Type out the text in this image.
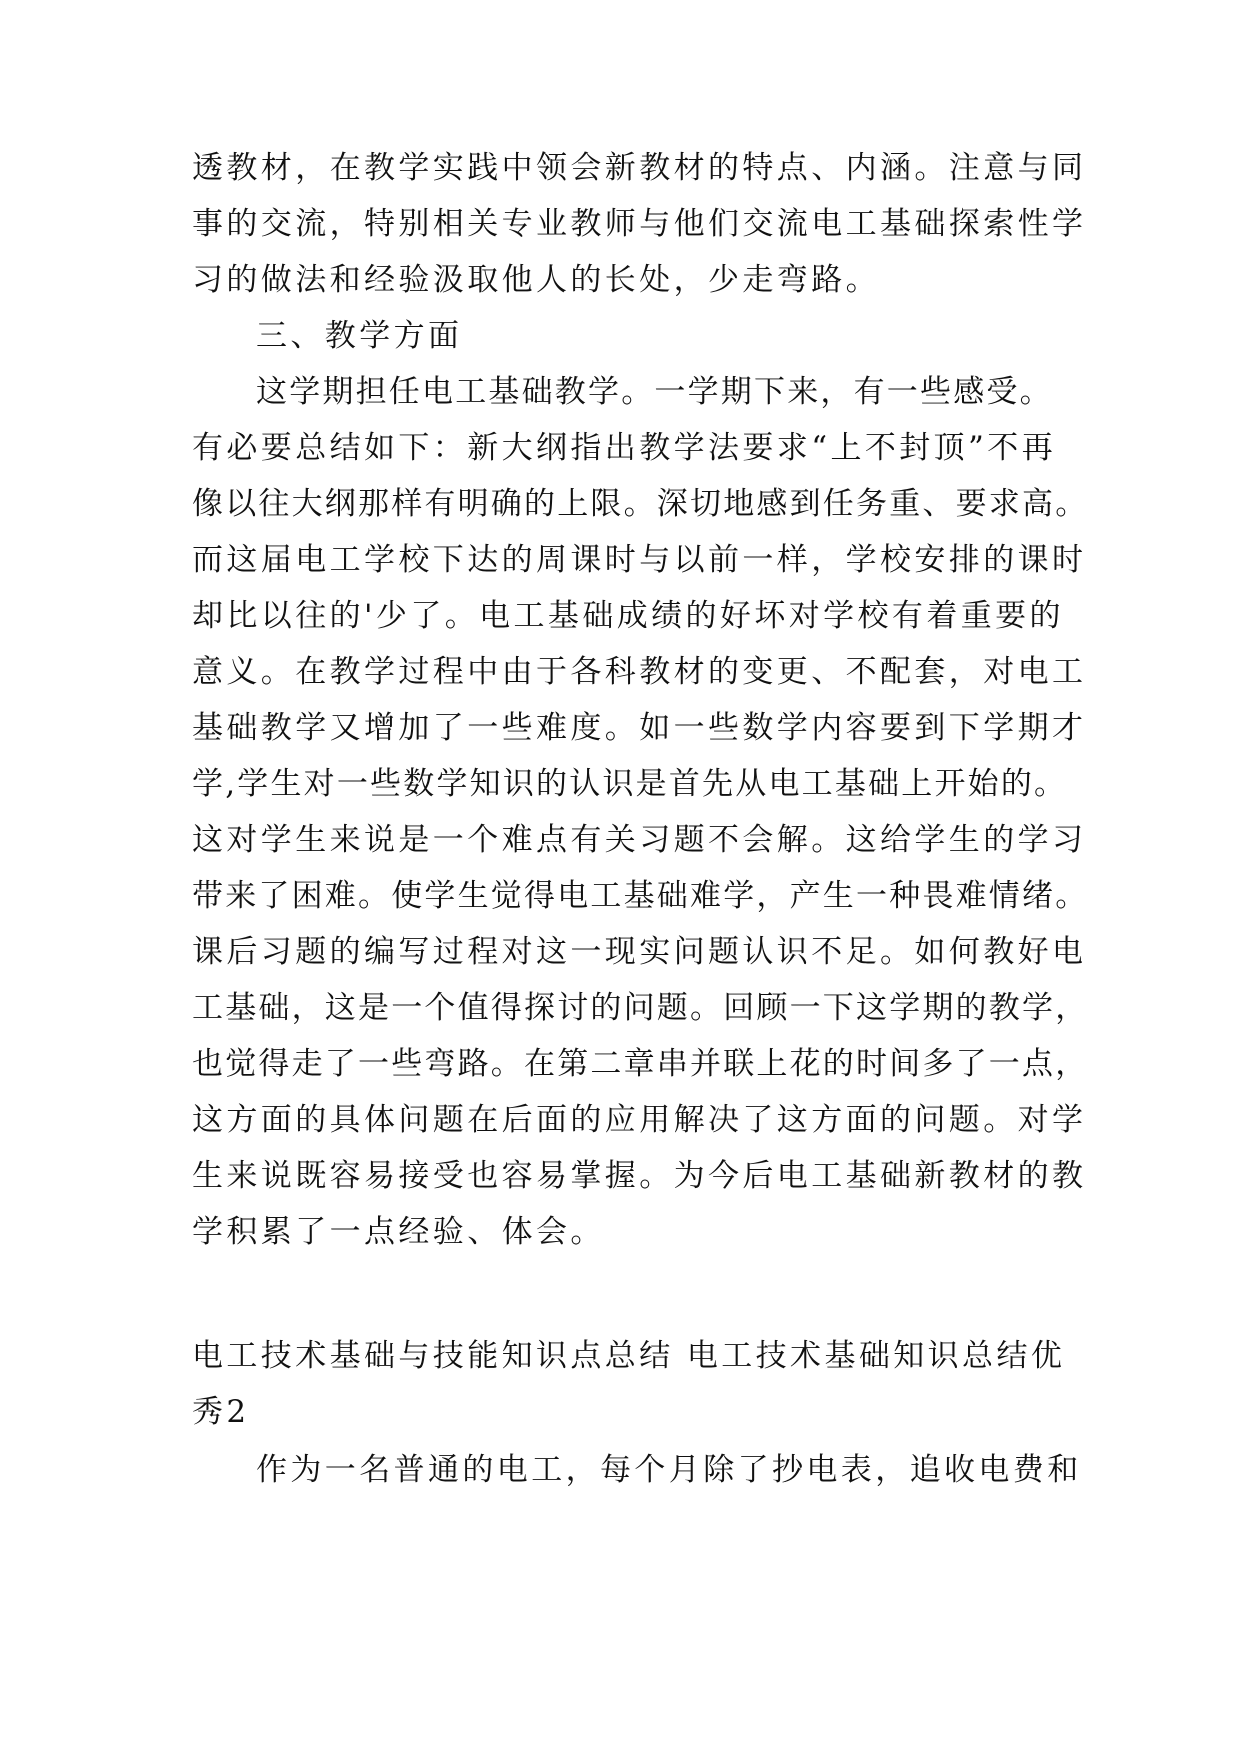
透教材，在教学实践中领会新教材的特点、内涵。注意与同
事的交流，特别相关专业教师与他们交流电工基础探索性学
习的做法和经验汲取他人的长处，少走弯路。
三、教学方面
这学期担任电工基础教学。一学期下来，有一些感受。
有必要总结如下：新大纲指出教学法要求“上不封顶”不再
像以往大纲那样有明确的上限。深切地感到任务重、要求高。
而这届电工学校下达的周课时与以前一样，学校安排的课时
却比以往的'少了。电工基础成绩的好坏对学校有着重要的
意义。在教学过程中由于各科教材的变更、不配套，对电工
基础教学又增加了一些难度。如一些数学内容要到下学期才
学,学生对一些数学知识的认识是首先从电工基础上开始的。
这对学生来说是一个难点有关习题不会解。这给学生的学习
带来了困难。使学生觉得电工基础难学，产生一种畏难情绪。
课后习题的编写过程对这一现实问题认识不足。如何教好电
工基础，这是一个值得探讨的问题。回顾一下这学期的教学，
也觉得走了一些弯路。在第二章串并联上花的时间多了一点，
这方面的具体问题在后面的应用解决了这方面的问题。对学
生来说既容易接受也容易掌握。为今后电工基础新教材的教
学积累了一点经验、体会。
电工技术基础与技能知识点总结 电工技术基础知识总结优
秀2
作为一名普通的电工，每个月除了抄电表，追收电费和
